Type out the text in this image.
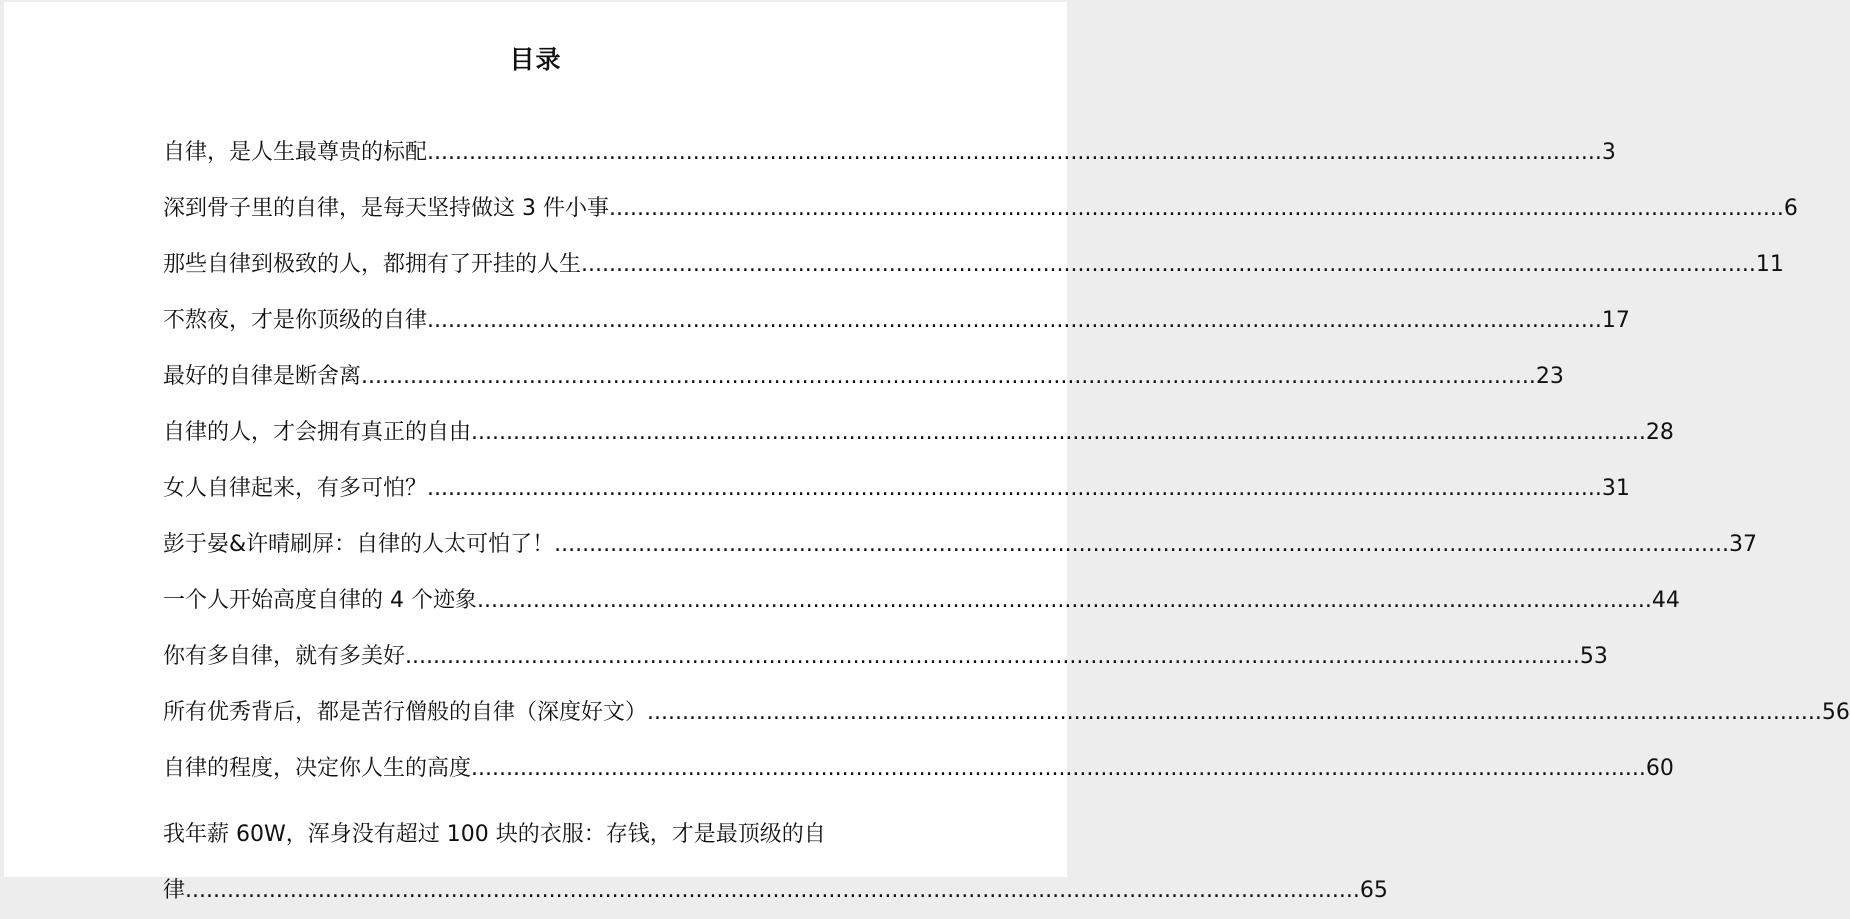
目录
自律，是人生最尊贵的标配 .....	3
深到骨子里的自律，是每天坚持做这 3 件小事 .....	6
那些自律到极致的人，都拥有了开挂的人生 .....	11
不熬夜，才是你顶级的自律 .....	17
最好的自律是断舍离 .....	23
自律的人，才会拥有真正的自由 .....	28
女人自律起来，有多可怕？ .....	31
彭于晏&许晴刷屏：自律的人太可怕了！ .....	37
一个人开始高度自律的 4 个迹象 .....	44
你有多自律，就有多美好 .....	53
所有优秀背后，都是苦行僧般的自律（深度好文） .....	56
自律的程度，决定你人生的高度 .....	60
我年薪 60W，浑身没有超过 100 块的衣服：存钱，才是最顶级的自
律 .....	65
